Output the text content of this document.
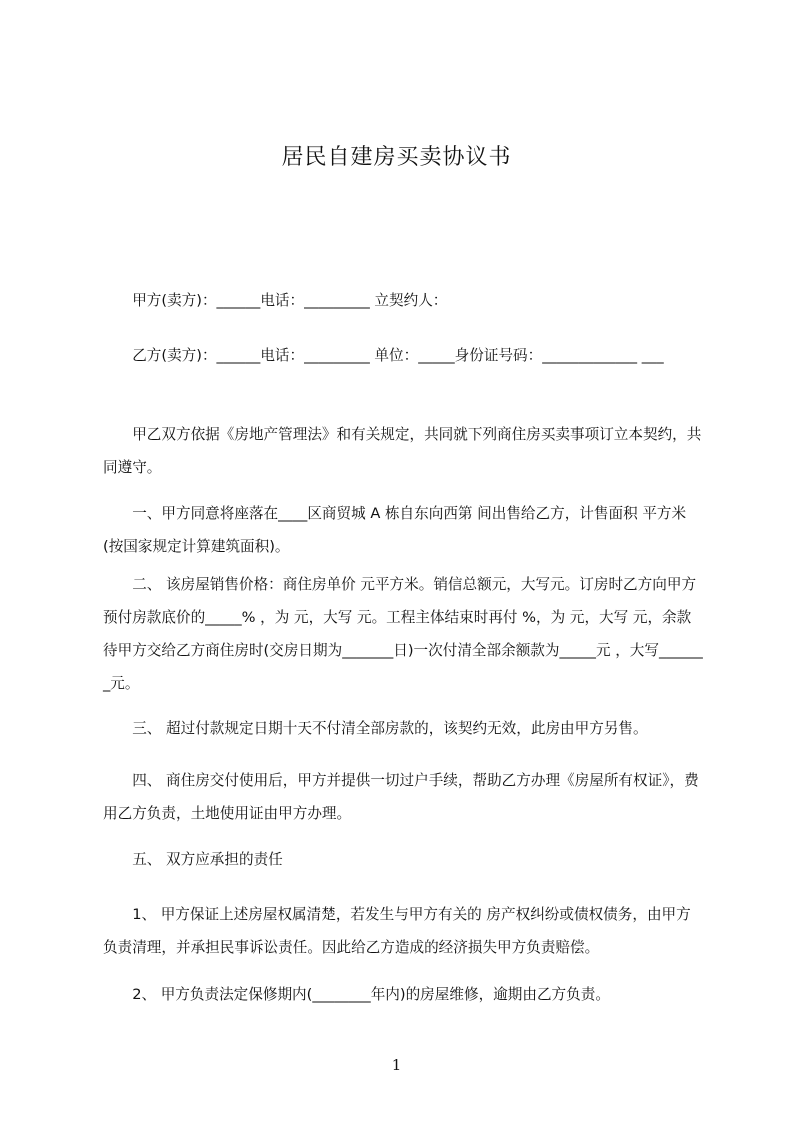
居民自建房买卖协议书

　　甲方(卖方)：______电话：_________ 立契约人：

　　乙方(卖方)：______电话：_________ 单位：_____身份证号码：_____________ ___

　　甲乙双方依据《房地产管理法》和有关规定，共同就下列商住房买卖事项订立本契约，共同遵守。

　　一、甲方同意将座落在____区商贸城 A 栋自东向西第 间出售给乙方，计售面积 平方米(按国家规定计算建筑面积)。

　　二、 该房屋销售价格：商住房单价 元平方米。销信总额元，大写元。订房时乙方向甲方预付房款底价的_____% ，为 元，大写 元。工程主体结束时再付 %，为 元，大写 元，余款待甲方交给乙方商住房时(交房日期为_______日)一次付清全部余额款为_____元 ，大写_______元。

　　三、 超过付款规定日期十天不付清全部房款的，该契约无效，此房由甲方另售。

　　四、 商住房交付使用后，甲方并提供一切过户手续，帮助乙方办理《房屋所有权证》，费用乙方负责，土地使用证由甲方办理。

　　五、 双方应承担的责任

　　1、 甲方保证上述房屋权属清楚，若发生与甲方有关的 房产权纠纷或债权债务，由甲方负责清理，并承担民事诉讼责任。因此给乙方造成的经济损失甲方负责赔偿。

　　2、 甲方负责法定保修期内(________年内)的房屋维修，逾期由乙方负责。

1
